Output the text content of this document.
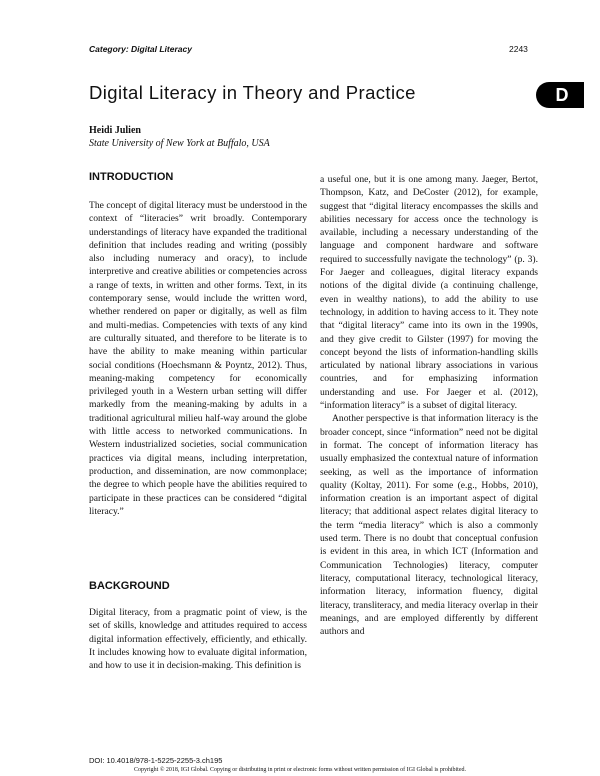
Category: Digital Literacy	2243
Digital Literacy in Theory and Practice	D
Heidi Julien
State University of New York at Buffalo, USA
INTRODUCTION

The concept of digital literacy must be understood in the context of “literacies” writ broadly. Contemporary understandings of literacy have expanded the traditional definition that includes reading and writing (possibly also including numeracy and oracy), to include interpretive and creative abilities or competencies across a range of texts, in written and other forms. Text, in its contemporary sense, would include the written word, whether rendered on paper or digitally, as well as film and multi-medias. Competencies with texts of any kind are culturally situated, and therefore to be literate is to have the ability to make meaning within particular social conditions (Hoechsmann & Poyntz, 2012). Thus, meaning-making competency for economically privileged youth in a Western urban setting will differ markedly from the meaning-making by adults in a traditional agricultural milieu half-way around the globe with little access to networked communications. In Western industrialized societies, social communication practices via digital means, including interpretation, production, and dissemination, are now commonplace; the degree to which people have the abilities required to participate in these practices can be considered “digital literacy.”

BACKGROUND

Digital literacy, from a pragmatic point of view, is the set of skills, knowledge and attitudes required to access digital information effectively, efficiently, and ethically. It includes knowing how to evaluate digital information, and how to use it in decision-making. This definition is

a useful one, but it is one among many. Jaeger, Bertot, Thompson, Katz, and DeCoster (2012), for example, suggest that “digital literacy encompasses the skills and abilities necessary for access once the technology is available, including a necessary understanding of the language and component hardware and software required to successfully navigate the technology” (p. 3). For Jaeger and colleagues, digital literacy expands notions of the digital divide (a continuing challenge, even in wealthy nations), to add the ability to use technology, in addition to having access to it. They note that “digital literacy” came into its own in the 1990s, and they give credit to Gilster (1997) for moving the concept beyond the lists of information-handling skills articulated by national library associations in various countries, and for emphasizing information understanding and use. For Jaeger et al. (2012), “information literacy” is a subset of digital literacy.

Another perspective is that information literacy is the broader concept, since “information” need not be digital in format. The concept of information literacy has usually emphasized the contextual nature of information seeking, as well as the importance of information quality (Koltay, 2011). For some (e.g., Hobbs, 2010), information creation is an important aspect of digital literacy; that additional aspect relates digital literacy to the term “media literacy” which is also a commonly used term. There is no doubt that conceptual confusion is evident in this area, in which ICT (Information and Communication Technologies) literacy, computer literacy, computational literacy, technological literacy, information literacy, information fluency, digital literacy, transliteracy, and media literacy overlap in their meanings, and are employed differently by different authors and

DOI: 10.4018/978-1-5225-2255-3.ch195
Copyright © 2018, IGI Global. Copying or distributing in print or electronic forms without written permission of IGI Global is prohibited.
